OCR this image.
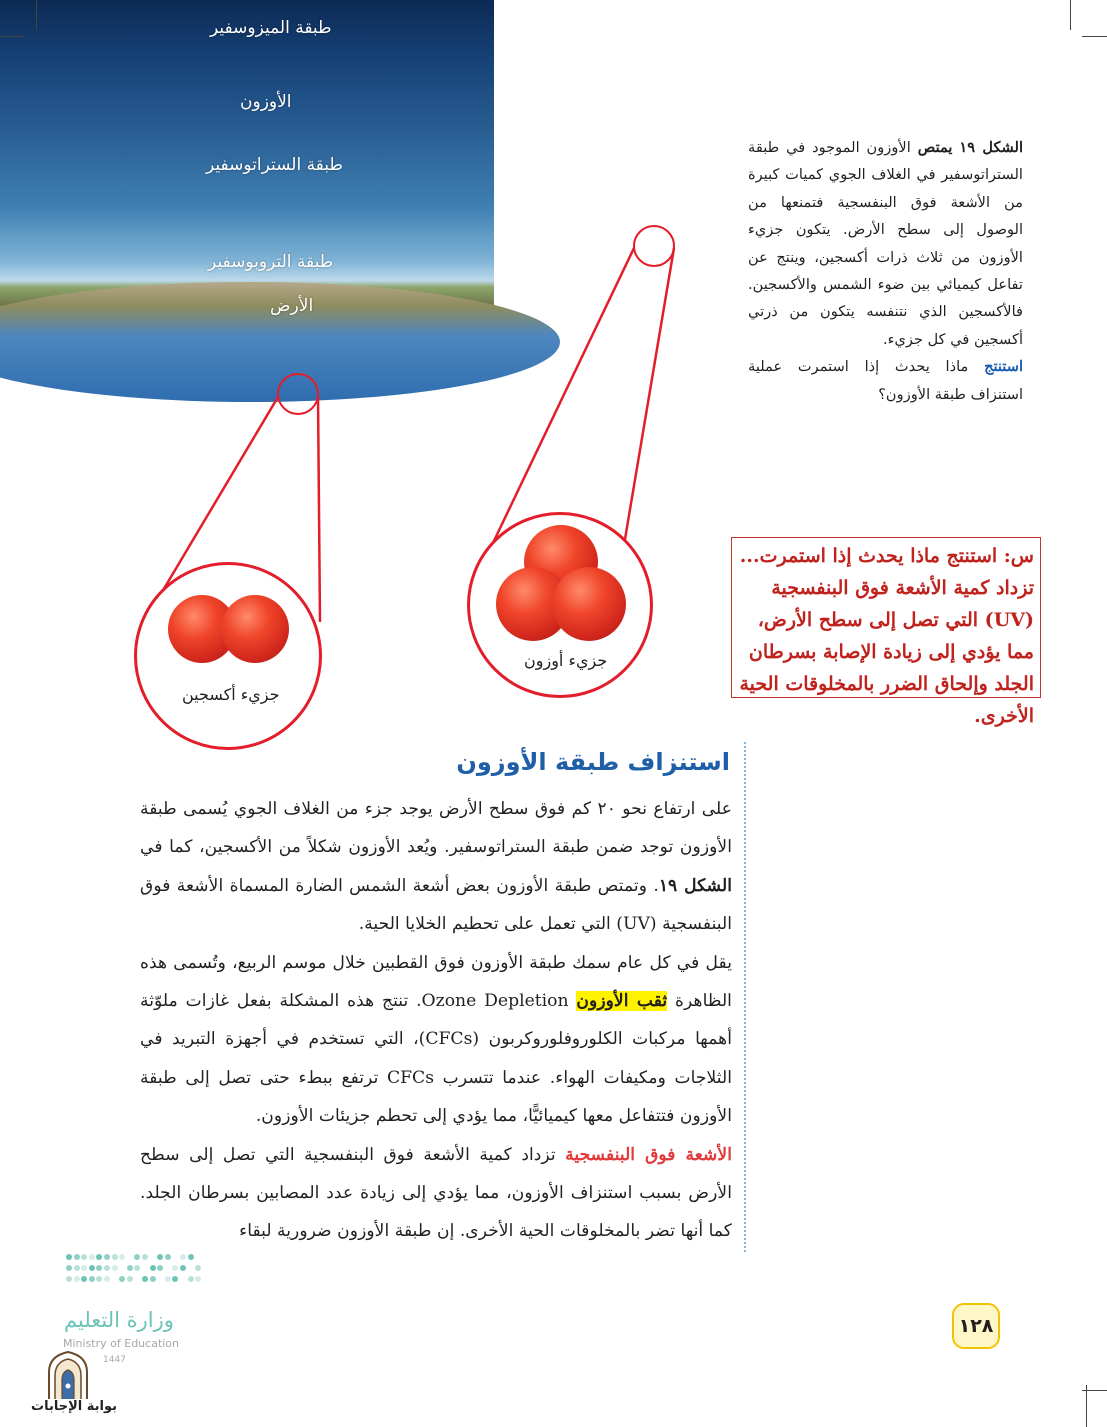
طبقة الميزوسفير
الأوزون
طبقة الستراتوسفير
طبقة التروبوسفير
الأرض
جزيء أكسجين
جزيء أوزون
الشكل ١٩ يمتص الأوزون الموجود في طبقة الستراتوسفير في الغلاف الجوي كميات كبيرة من الأشعة فوق البنفسجية فتمنعها من الوصول إلى سطح الأرض. يتكون جزيء الأوزون من ثلاث ذرات أكسجين، وينتج عن تفاعل كيميائي بين ضوء الشمس والأكسجين. فالأكسجين الذي نتنفسه يتكون من ذرتي أكسجين في كل جزيء.
استنتج ماذا يحدث إذا استمرت عملية استنزاف طبقة الأوزون؟
س: استنتج ماذا يحدث إذا استمرت... تزداد كمية الأشعة فوق البنفسجية (UV) التي تصل إلى سطح الأرض، مما يؤدي إلى زيادة الإصابة بسرطان الجلد وإلحاق الضرر بالمخلوقات الحية الأخرى.
استنزاف طبقة الأوزون

على ارتفاع نحو ٢٠ كم فوق سطح الأرض يوجد جزء من الغلاف الجوي يُسمى طبقة الأوزون توجد ضمن طبقة الستراتوسفير. ويُعد الأوزون شكلاً من الأكسجين، كما في الشكل ١٩. وتمتص طبقة الأوزون بعض أشعة الشمس الضارة المسماة الأشعة فوق البنفسجية (UV) التي تعمل على تحطيم الخلايا الحية.

يقل في كل عام سمك طبقة الأوزون فوق القطبين خلال موسم الربيع، وتُسمى هذه الظاهرة ثقب الأوزون Ozone Depletion. تنتج هذه المشكلة بفعل غازات ملوّثة أهمها مركبات الكلوروفلوروكربون (CFCs)، التي تستخدم في أجهزة التبريد في الثلاجات ومكيفات الهواء. عندما تتسرب CFCs ترتفع ببطء حتى تصل إلى طبقة الأوزون فتتفاعل معها كيميائيًّا، مما يؤدي إلى تحطم جزيئات الأوزون.

الأشعة فوق البنفسجية تزداد كمية الأشعة فوق البنفسجية التي تصل إلى سطح الأرض بسبب استنزاف الأوزون، مما يؤدي إلى زيادة عدد المصابين بسرطان الجلد. كما أنها تضر بالمخلوقات الحية الأخرى. إن طبقة الأوزون ضرورية لبقاء

١٢٨
وزارة التعليم
Ministry of Education
1447
بوابة الإجابات
